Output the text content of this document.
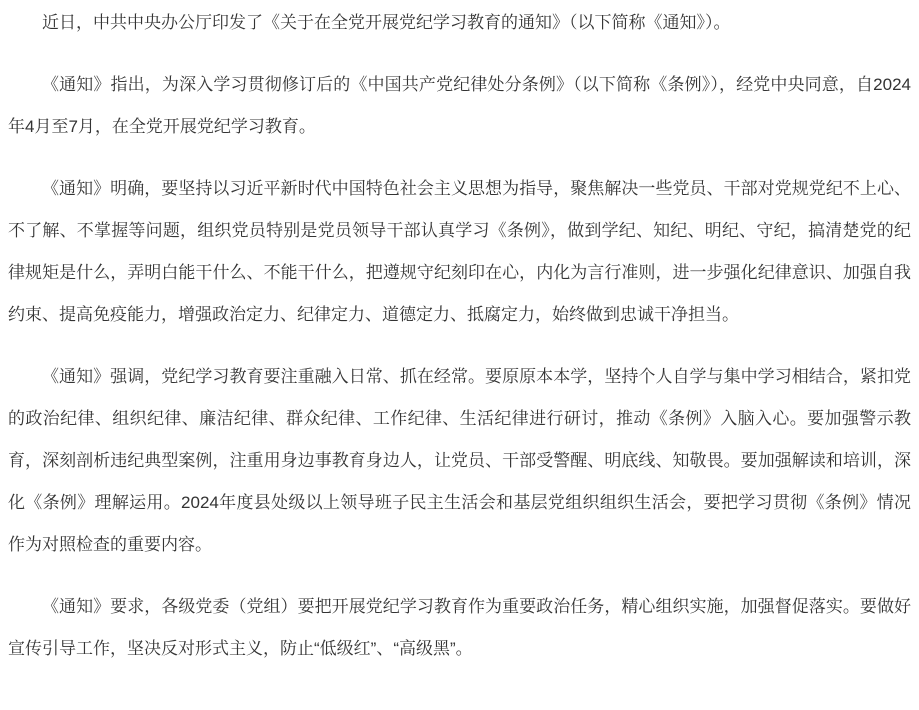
近日，中共中央办公厅印发了《关于在全党开展党纪学习教育的通知》（以下简称《通知》）。

《通知》指出，为深入学习贯彻修订后的《中国共产党纪律处分条例》（以下简称《条例》），经党中央同意，自2024年4月至7月，在全党开展党纪学习教育。

《通知》明确，要坚持以习近平新时代中国特色社会主义思想为指导，聚焦解决一些党员、干部对党规党纪不上心、不了解、不掌握等问题，组织党员特别是党员领导干部认真学习《条例》，做到学纪、知纪、明纪、守纪，搞清楚党的纪律规矩是什么，弄明白能干什么、不能干什么，把遵规守纪刻印在心，内化为言行准则，进一步强化纪律意识、加强自我约束、提高免疫能力，增强政治定力、纪律定力、道德定力、抵腐定力，始终做到忠诚干净担当。

《通知》强调，党纪学习教育要注重融入日常、抓在经常。要原原本本学，坚持个人自学与集中学习相结合，紧扣党的政治纪律、组织纪律、廉洁纪律、群众纪律、工作纪律、生活纪律进行研讨，推动《条例》入脑入心。要加强警示教育，深刻剖析违纪典型案例，注重用身边事教育身边人，让党员、干部受警醒、明底线、知敬畏。要加强解读和培训，深化《条例》理解运用。2024年度县处级以上领导班子民主生活会和基层党组织组织生活会，要把学习贯彻《条例》情况作为对照检查的重要内容。

《通知》要求，各级党委（党组）要把开展党纪学习教育作为重要政治任务，精心组织实施，加强督促落实。要做好宣传引导工作，坚决反对形式主义，防止“低级红”、“高级黑”。
